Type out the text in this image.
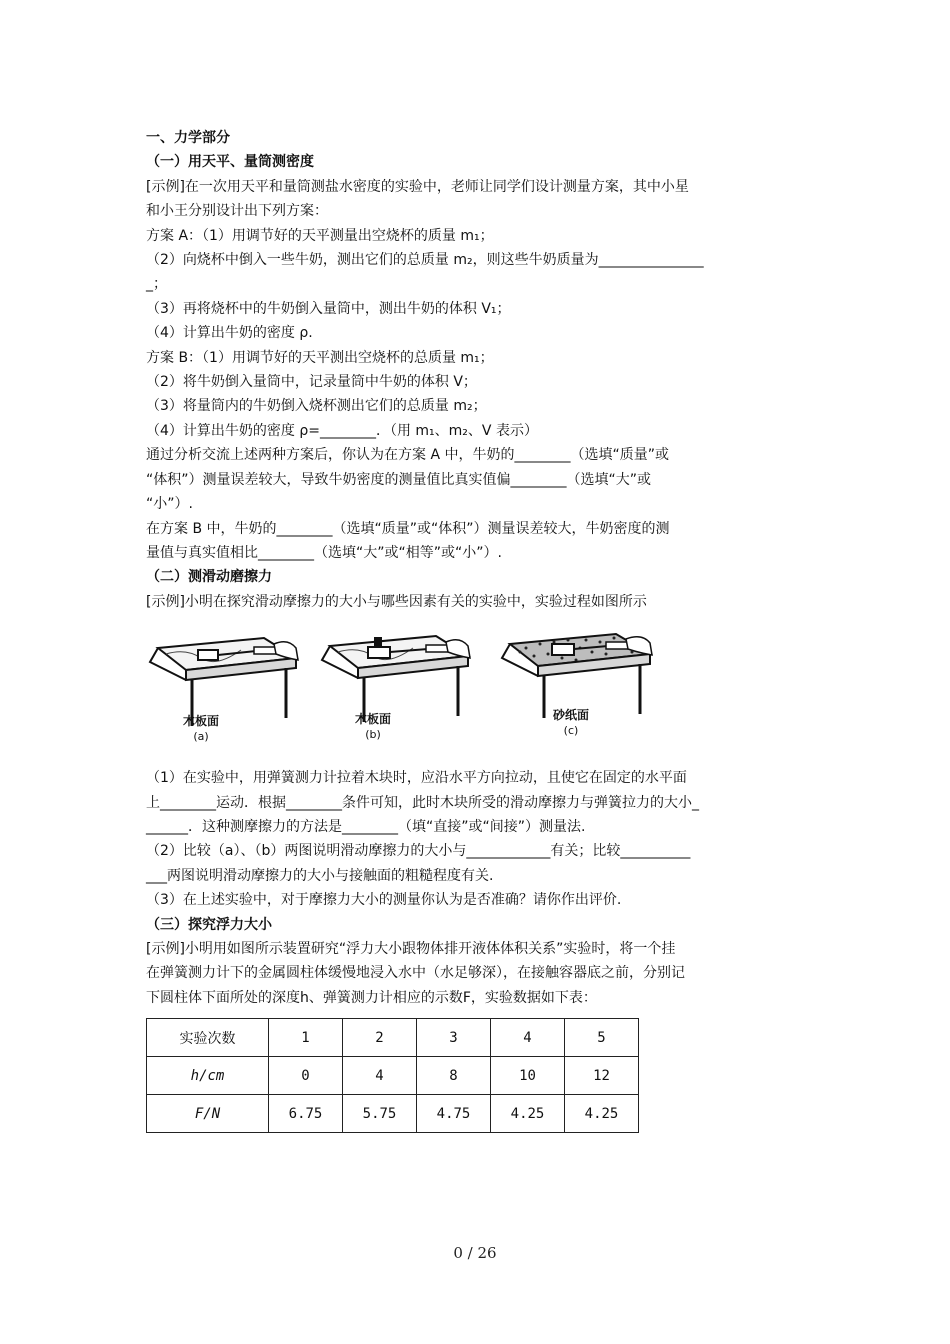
一、力学部分
（一）用天平、量筒测密度
[示例]在一次用天平和量筒测盐水密度的实验中，老师让同学们设计测量方案，其中小星
和小王分别设计出下列方案：
方案 A：（1）用调节好的天平测量出空烧杯的质量 m₁；
（2）向烧杯中倒入一些牛奶，测出它们的总质量 m₂，则这些牛奶质量为_______________
_；
（3）再将烧杯中的牛奶倒入量筒中，测出牛奶的体积 V₁；
（4）计算出牛奶的密度 ρ.
方案 B：（1）用调节好的天平测出空烧杯的总质量 m₁；
（2）将牛奶倒入量筒中，记录量筒中牛奶的体积 V；
（3）将量筒内的牛奶倒入烧杯测出它们的总质量 m₂；
（4）计算出牛奶的密度 ρ=________．（用 m₁、m₂、V 表示）
通过分析交流上述两种方案后，你认为在方案 A 中，牛奶的________（选填“质量”或
“体积”）测量误差较大，导致牛奶密度的测量值比真实值偏________（选填“大”或
“小”）.
在方案 B 中，牛奶的________（选填“质量”或“体积”）测量误差较大，牛奶密度的测
量值与真实值相比________（选填“大”或“相等”或“小”）.
（二）测滑动磨擦力
[示例]小明在探究滑动摩擦力的大小与哪些因素有关的实验中，实验过程如图所示
木板面
(a)
木板面
(b)
砂纸面
(c)
（1）在实验中，用弹簧测力计拉着木块时，应沿水平方向拉动，且使它在固定的水平面
上________运动．根据________条件可知，此时木块所受的滑动摩擦力与弹簧拉力的大小_
______．这种测摩擦力的方法是________（填“直接”或“间接”）测量法.
（2）比较（a）、（b）两图说明滑动摩擦力的大小与____________有关；比较__________
___两图说明滑动摩擦力的大小与接触面的粗糙程度有关.
（3）在上述实验中，对于摩擦力大小的测量你认为是否准确？请你作出评价.
（三）探究浮力大小
[示例]小明用如图所示装置研究“浮力大小跟物体排开液体体积关系”实验时，将一个挂
在弹簧测力计下的金属圆柱体缓慢地浸入水中（水足够深），在接触容器底之前，分别记
下圆柱体下面所处的深度h、弹簧测力计相应的示数F，实验数据如下表：
实验次数	1	2	3	4	5
h/cm	0	4	8	10	12
F/N	6.75	5.75	4.75	4.25	4.25
0 / 26
